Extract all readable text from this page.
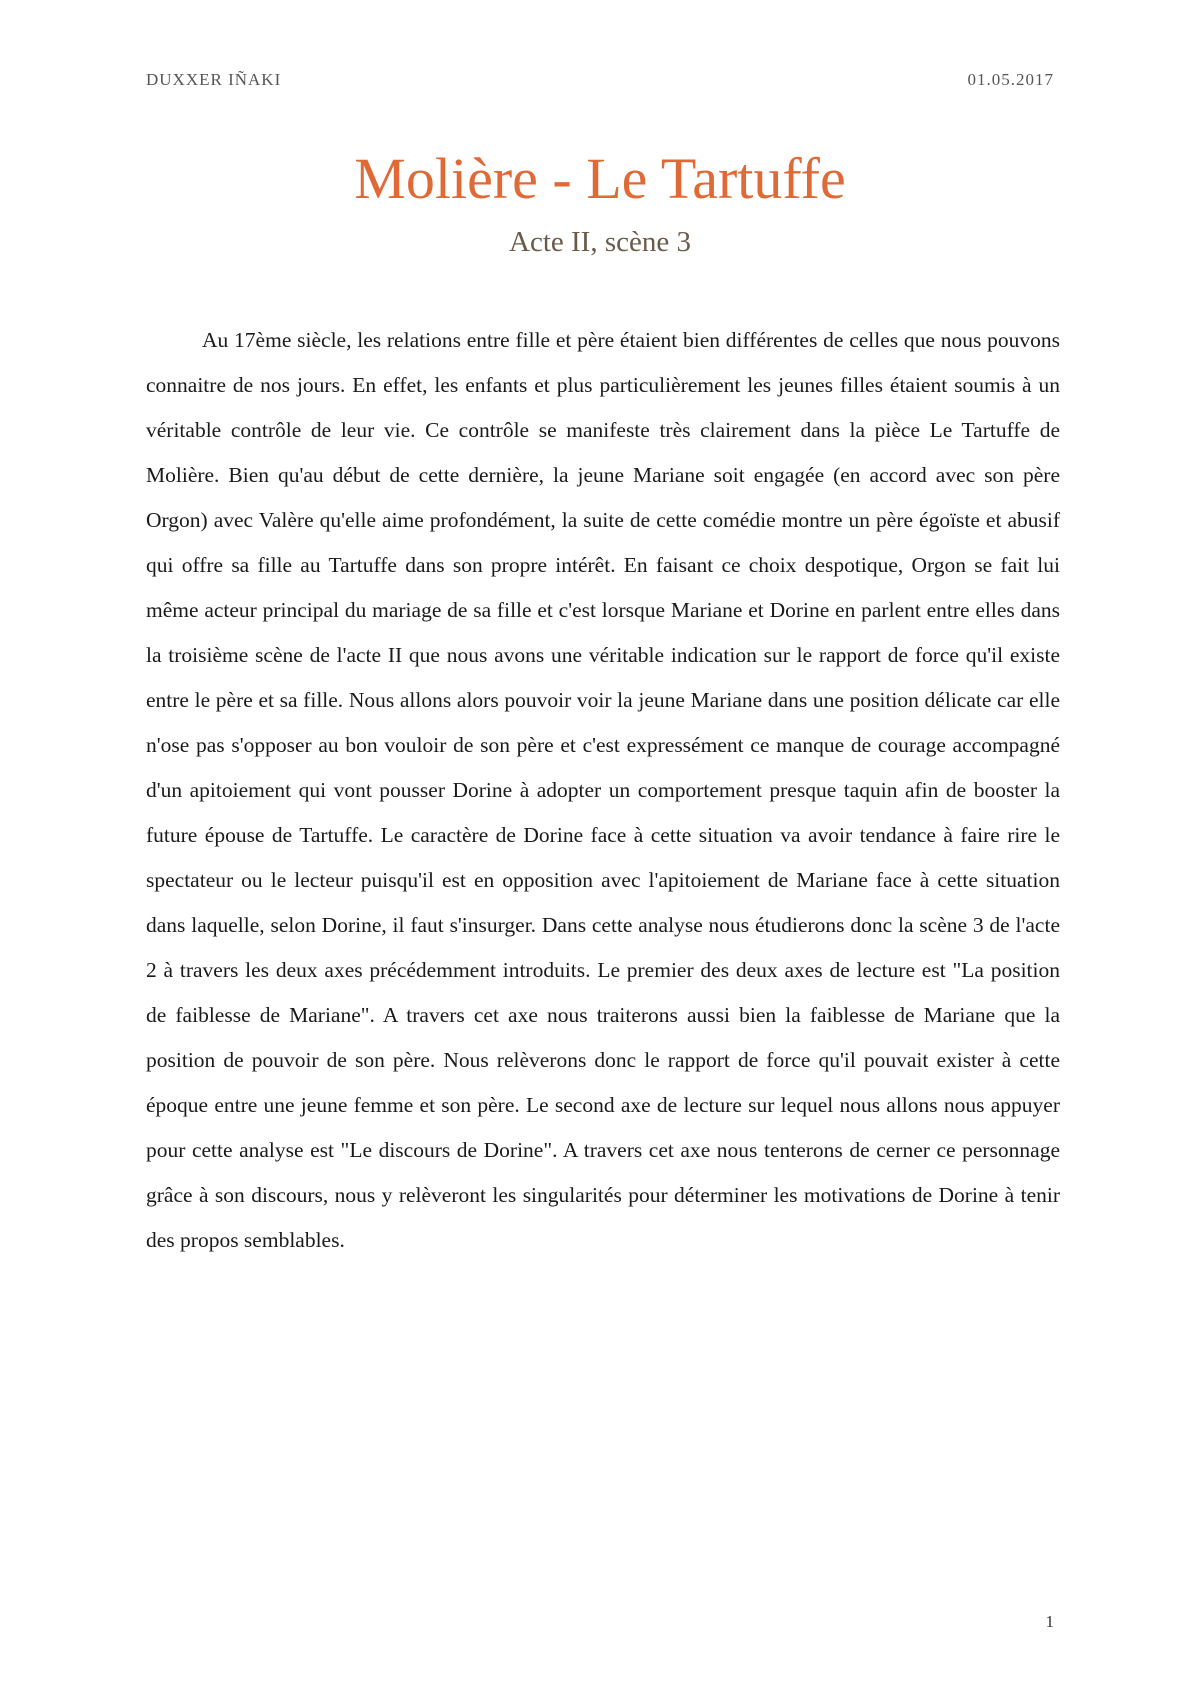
DUXXER IÑAKI	01.05.2017
Molière - Le Tartuffe
Acte II, scène 3

Au 17ème siècle, les relations entre fille et père étaient bien différentes de celles que nous pouvons connaitre de nos jours. En effet, les enfants et plus particulièrement les jeunes filles étaient soumis à un véritable contrôle de leur vie. Ce contrôle se manifeste très clairement dans la pièce Le Tartuffe de Molière. Bien qu'au début de cette dernière, la jeune Mariane soit engagée (en accord avec son père Orgon) avec Valère qu'elle aime profondément, la suite de cette comédie montre un père égoïste et abusif qui offre sa fille au Tartuffe dans son propre intérêt. En faisant ce choix despotique, Orgon se fait lui même acteur principal du mariage de sa fille et c'est lorsque Mariane et Dorine en parlent entre elles dans la troisième scène de l'acte II que nous avons une véritable indication sur le rapport de force qu'il existe entre le père et sa fille. Nous allons alors pouvoir voir la jeune Mariane dans une position délicate car elle n'ose pas s'opposer au bon vouloir de son père et c'est expressément ce manque de courage accompagné d'un apitoiement qui vont pousser Dorine à adopter un comportement presque taquin afin de booster la future épouse de Tartuffe. Le caractère de Dorine face à cette situation va avoir tendance à faire rire le spectateur ou le lecteur puisqu'il est en opposition avec l'apitoiement de Mariane face à cette situation dans laquelle, selon Dorine, il faut s'insurger. Dans cette analyse nous étudierons donc la scène 3 de l'acte 2 à travers les deux axes précédemment introduits. Le premier des deux axes de lecture est "La position de faiblesse de Mariane". A travers cet axe nous traiterons aussi bien la faiblesse de Mariane que la position de pouvoir de son père. Nous relèverons donc le rapport de force qu'il pouvait exister à cette époque entre une jeune femme et son père. Le second axe de lecture sur lequel nous allons nous appuyer pour cette analyse est "Le discours de Dorine". A travers cet axe nous tenterons de cerner ce personnage grâce à son discours, nous y relèveront les singularités pour déterminer les motivations de Dorine à tenir des propos semblables.

1
